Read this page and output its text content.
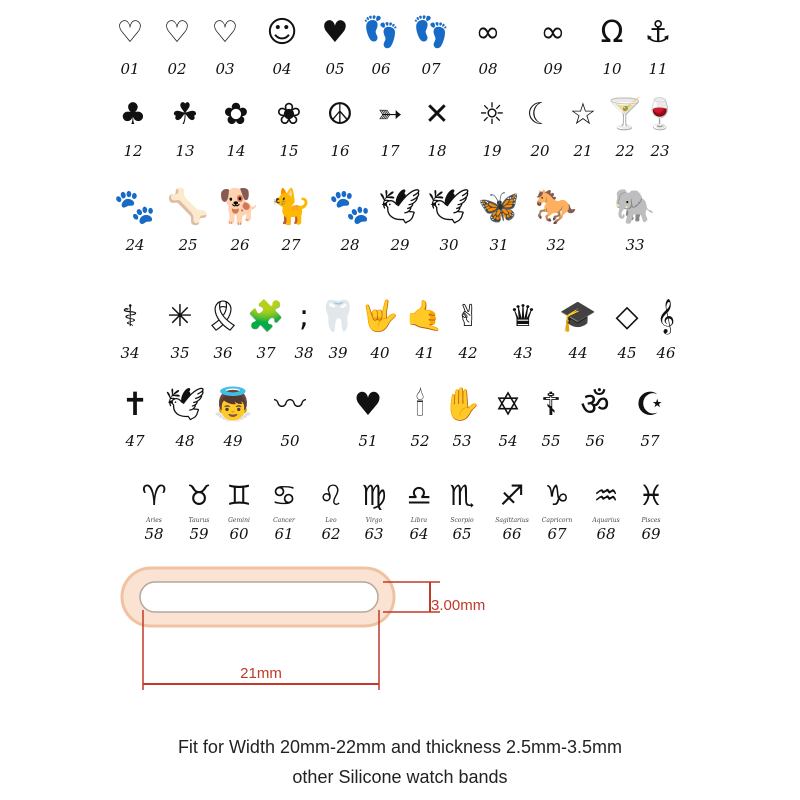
♡
01
♡
02
♡
03
☺
04
♥
05
👣
06
👣
07
∞
08
∞
09
Ω
10
⚓
11
♣
12
☘
13
✿
14
❀
15
☮
16
➳
17
✕
18
☼
19
☾
20
☆
21
🍸
22
🍷
23
🐾
24
🦴
25
🐕
26
🐈
27
🐾
28
🕊
29
🕊
30
🦋
31
🐎
32
🐘
33
⚕
34
✳
35
🎗
36
🧩
37
;
38
🦷
39
🤟
40
🤙
41
✌
42
♛
43
🎓
44
◇
45
𝄞
46
✝
47
🕊
48
👼
49
〰
50
♥
51
🕯
52
✋
53
✡
54
☦
55
ॐ
56
☪
57
♈
Aries
58
♉
Taurus
59
♊
Gemini
60
♋
Cancer
61
♌
Leo
62
♍
Virgo
63
♎
Libra
64
♏
Scorpio
65
♐
Sagittarius
66
♑
Capricorn
67
♒
Aquarius
68
♓
Pisces
69
3.00mm
21mm
Fit for Width 20mm-22mm and thickness 2.5mm-3.5mm
other Silicone watch bands
